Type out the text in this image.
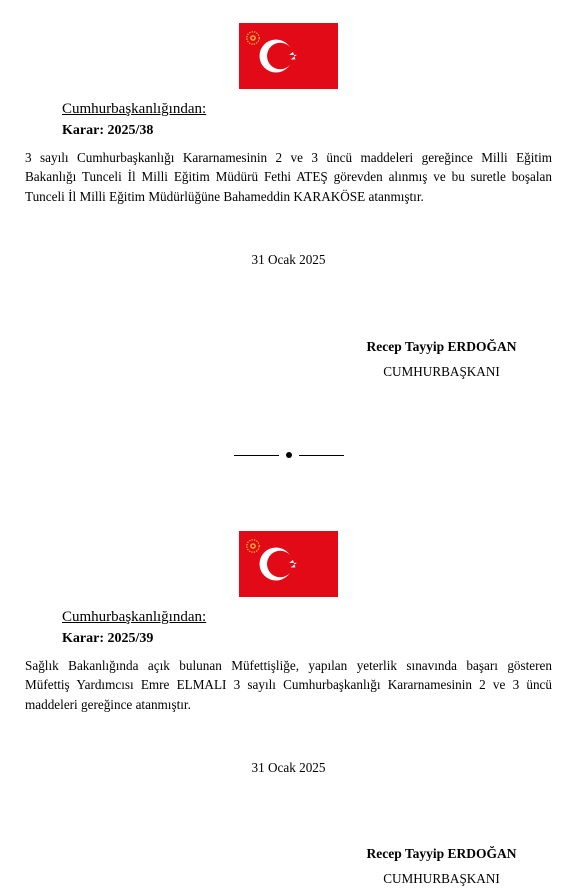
Cumhurbaşkanlığından:
Karar: 2025/38
3 sayılı Cumhurbaşkanlığı Kararnamesinin 2 ve 3 üncü maddeleri gereğince Milli Eğitim
Bakanlığı Tunceli İl Milli Eğitim Müdürü Fethi ATEŞ görevden alınmış ve bu suretle boşalan
Tunceli İl Milli Eğitim Müdürlüğüne Bahameddin KARAKÖSE atanmıştır.
31 Ocak 2025
Recep Tayyip ERDOĞAN
CUMHURBAŞKANI
Cumhurbaşkanlığından:
Karar: 2025/39
Sağlık Bakanlığında açık bulunan Müfettişliğe, yapılan yeterlik sınavında başarı gösteren
Müfettiş Yardımcısı Emre ELMALI 3 sayılı Cumhurbaşkanlığı Kararnamesinin 2 ve 3 üncü
maddeleri gereğince atanmıştır.
31 Ocak 2025
Recep Tayyip ERDOĞAN
CUMHURBAŞKANI
